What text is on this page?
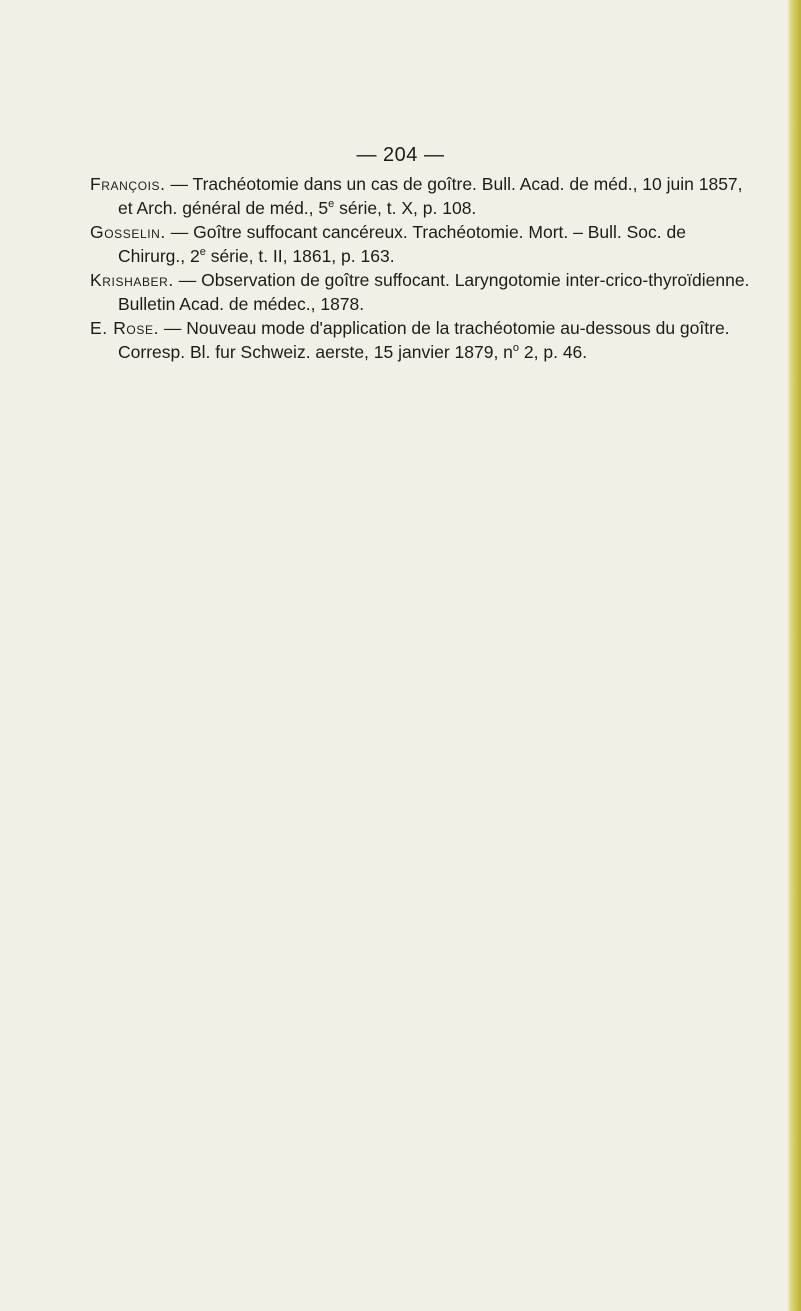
— 204 —

François. — Trachéotomie dans un cas de goître. Bull. Acad. de méd., 10 juin 1857, et Arch. général de méd., 5e série, t. X, p. 108.

Gosselin. — Goître suffocant cancéreux. Trachéotomie. Mort. – Bull. Soc. de Chirurg., 2e série, t. II, 1861, p. 163.

Krishaber. — Observation de goître suffocant. Laryngotomie inter-crico-thyroïdienne. Bulletin Acad. de médec., 1878.

E. Rose. — Nouveau mode d'application de la trachéotomie au-dessous du goître. Corresp. Bl. fur Schweiz. aerste, 15 janvier 1879, $n^o$ 2, p. 46.
